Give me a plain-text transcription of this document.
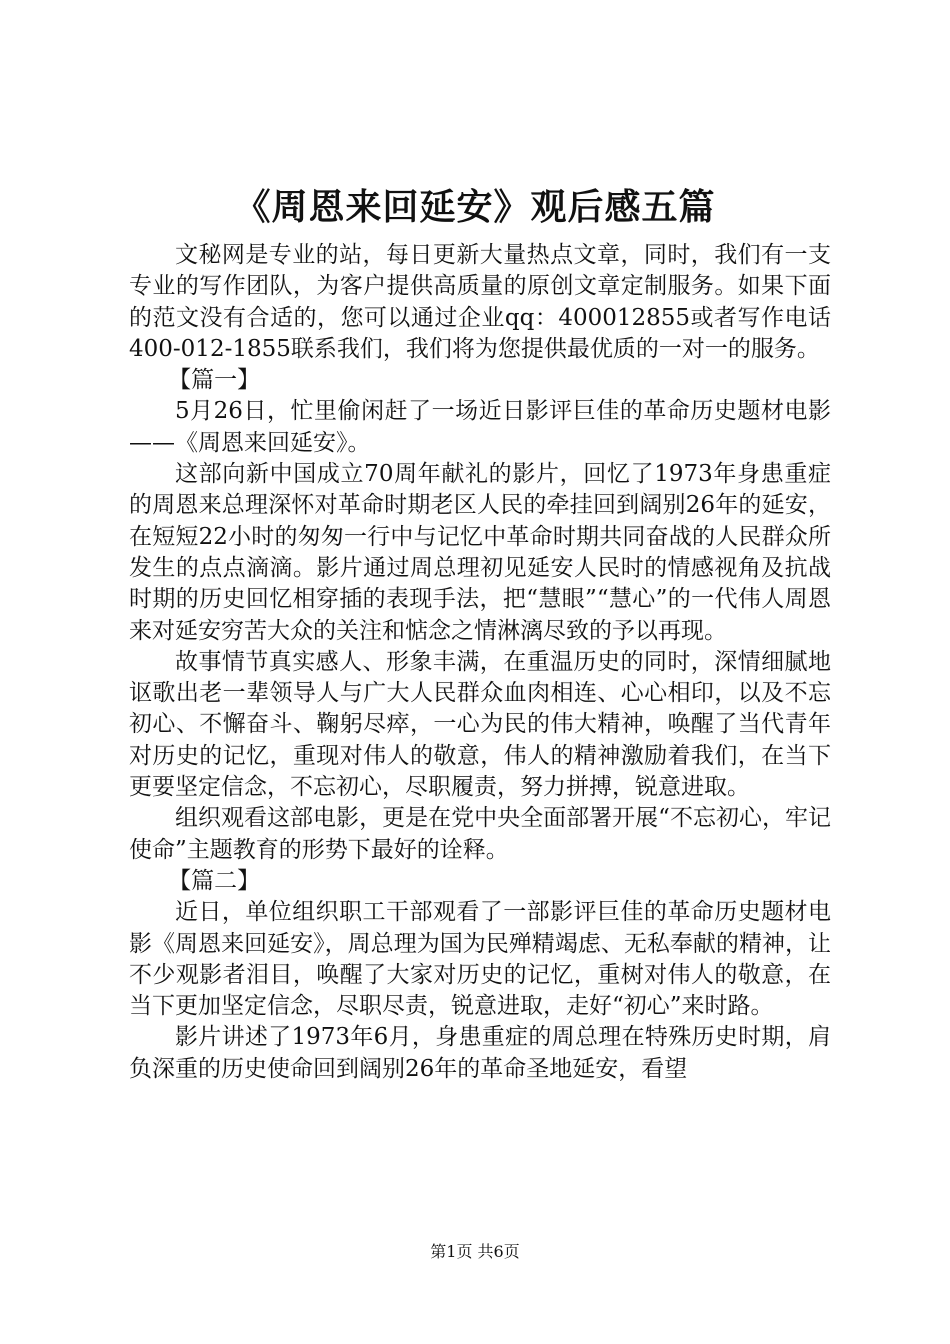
《周恩来回延安》观后感五篇

文秘网是专业的站，每日更新大量热点文章，同时，我们有一支专业的写作团队，为客户提供高质量的原创文章定制服务。如果下面的范文没有合适的，您可以通过企业qq：400012855或者写作电话400-012-1855联系我们，我们将为您提供最优质的一对一的服务。

【篇一】

5月26日，忙里偷闲赶了一场近日影评巨佳的革命历史题材电影——《周恩来回延安》。

这部向新中国成立70周年献礼的影片，回忆了1973年身患重症的周恩来总理深怀对革命时期老区人民的牵挂回到阔别26年的延安，在短短22小时的匆匆一行中与记忆中革命时期共同奋战的人民群众所发生的点点滴滴。影片通过周总理初见延安人民时的情感视角及抗战时期的历史回忆相穿插的表现手法，把“慧眼”“慧心”的一代伟人周恩来对延安穷苦大众的关注和惦念之情淋漓尽致的予以再现。

故事情节真实感人、形象丰满，在重温历史的同时，深情细腻地讴歌出老一辈领导人与广大人民群众血肉相连、心心相印，以及不忘初心、不懈奋斗、鞠躬尽瘁，一心为民的伟大精神，唤醒了当代青年对历史的记忆，重现对伟人的敬意，伟人的精神激励着我们，在当下更要坚定信念，不忘初心，尽职履责，努力拼搏，锐意进取。

组织观看这部电影，更是在党中央全面部署开展“不忘初心，牢记使命”主题教育的形势下最好的诠释。

【篇二】

近日，单位组织职工干部观看了一部影评巨佳的革命历史题材电影《周恩来回延安》，周总理为国为民殚精竭虑、无私奉献的精神，让不少观影者泪目，唤醒了大家对历史的记忆，重树对伟人的敬意，在当下更加坚定信念，尽职尽责，锐意进取，走好“初心”来时路。

影片讲述了1973年6月，身患重症的周总理在特殊历史时期，肩负深重的历史使命回到阔别26年的革命圣地延安，看望

第1页 共6页
